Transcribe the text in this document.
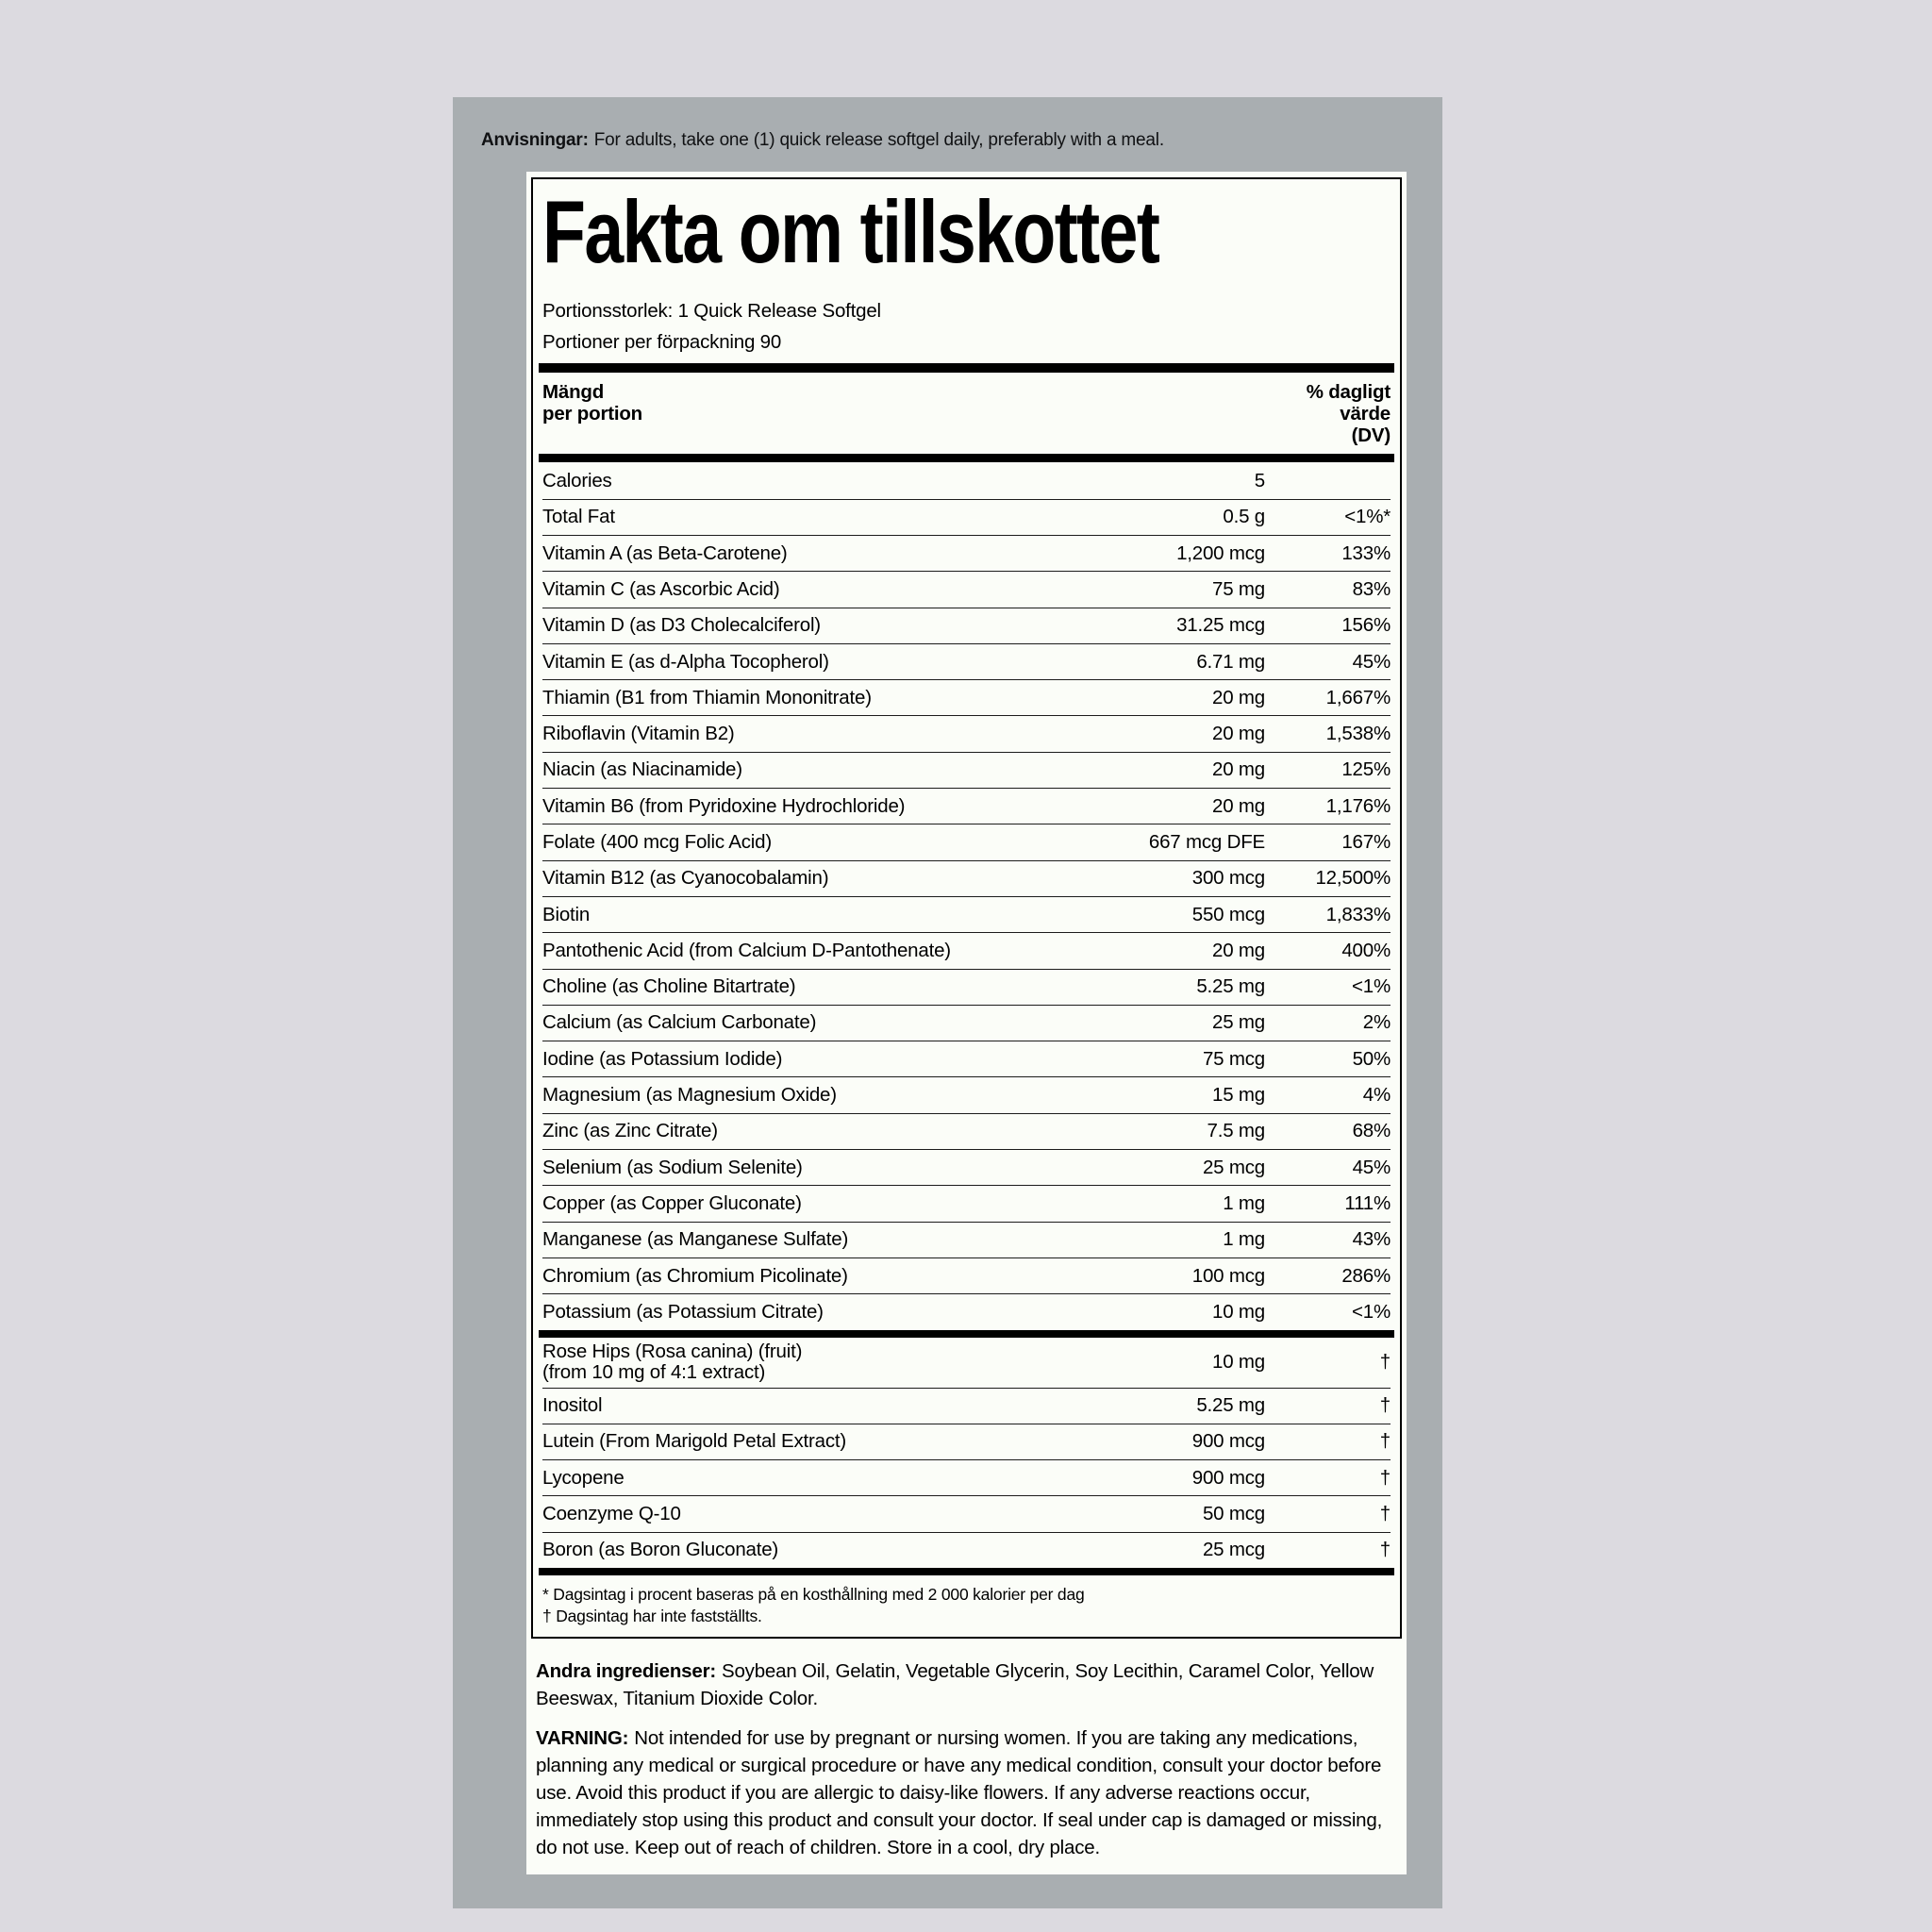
Anvisningar: For adults, take one (1) quick release softgel daily, preferably with a meal.

Fakta om tillskottet
Portionsstorlek: 1 Quick Release Softgel
Portioner per förpackning 90
Mängd
per portion
% dagligt
värde
(DV)
Calories	5
Total Fat	0.5 g	<1%*
Vitamin A (as Beta-Carotene)	1,200 mcg	133%
Vitamin C (as Ascorbic Acid)	75 mg	83%
Vitamin D (as D3 Cholecalciferol)	31.25 mcg	156%
Vitamin E (as d-Alpha Tocopherol)	6.71 mg	45%
Thiamin (B1 from Thiamin Mononitrate)	20 mg	1,667%
Riboflavin (Vitamin B2)	20 mg	1,538%
Niacin (as Niacinamide)	20 mg	125%
Vitamin B6 (from Pyridoxine Hydrochloride)	20 mg	1,176%
Folate (400 mcg Folic Acid)	667 mcg DFE	167%
Vitamin B12 (as Cyanocobalamin)	300 mcg	12,500%
Biotin	550 mcg	1,833%
Pantothenic Acid (from Calcium D-Pantothenate)	20 mg	400%
Choline (as Choline Bitartrate)	5.25 mg	<1%
Calcium (as Calcium Carbonate)	25 mg	2%
Iodine (as Potassium Iodide)	75 mcg	50%
Magnesium (as Magnesium Oxide)	15 mg	4%
Zinc (as Zinc Citrate)	7.5 mg	68%
Selenium (as Sodium Selenite)	25 mcg	45%
Copper (as Copper Gluconate)	1 mg	111%
Manganese (as Manganese Sulfate)	1 mg	43%
Chromium (as Chromium Picolinate)	100 mcg	286%
Potassium (as Potassium Citrate)	10 mg	<1%
Rose Hips (Rosa canina) (fruit)
(from 10 mg of 4:1 extract)	10 mg	†
Inositol	5.25 mg	†
Lutein (From Marigold Petal Extract)	900 mcg	†
Lycopene	900 mcg	†
Coenzyme Q-10	50 mcg	†
Boron (as Boron Gluconate)	25 mcg	†
* Dagsintag i procent baseras på en kosthållning med 2 000 kalorier per dag
† Dagsintag har inte fastställts.

Andra ingredienser: Soybean Oil, Gelatin, Vegetable Glycerin, Soy Lecithin, Caramel Color, Yellow Beeswax, Titanium Dioxide Color.

VARNING: Not intended for use by pregnant or nursing women. If you are taking any medications, planning any medical or surgical procedure or have any medical condition, consult your doctor before use. Avoid this product if you are allergic to daisy-like flowers. If any adverse reactions occur, immediately stop using this product and consult your doctor. If seal under cap is damaged or missing, do not use. Keep out of reach of children. Store in a cool, dry place.
